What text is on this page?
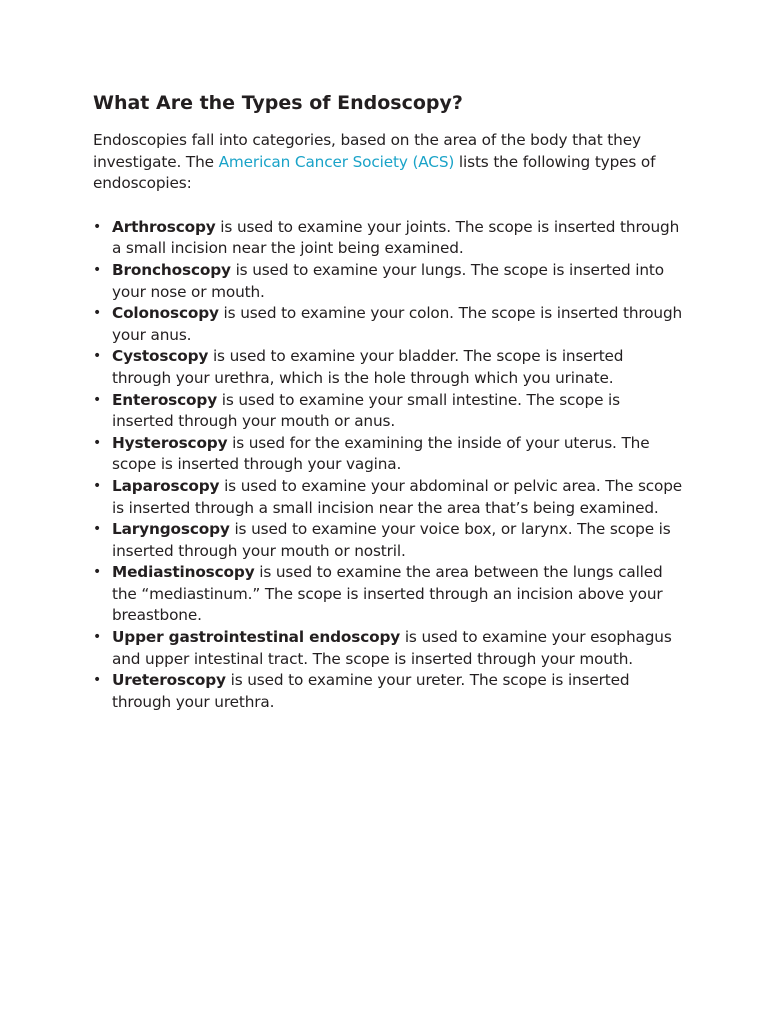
What Are the Types of Endoscopy?

Endoscopies fall into categories, based on the area of the body that they investigate. The American Cancer Society (ACS) lists the following types of endoscopies:

• Arthroscopy is used to examine your joints. The scope is inserted through a small incision near the joint being examined.
• Bronchoscopy is used to examine your lungs. The scope is inserted into your nose or mouth.
• Colonoscopy is used to examine your colon. The scope is inserted through your anus.
• Cystoscopy is used to examine your bladder. The scope is inserted through your urethra, which is the hole through which you urinate.
• Enteroscopy is used to examine your small intestine. The scope is inserted through your mouth or anus.
• Hysteroscopy is used for the examining the inside of your uterus. The scope is inserted through your vagina.
• Laparoscopy is used to examine your abdominal or pelvic area. The scope is inserted through a small incision near the area that’s being examined.
• Laryngoscopy is used to examine your voice box, or larynx. The scope is inserted through your mouth or nostril.
• Mediastinoscopy is used to examine the area between the lungs called the “mediastinum.” The scope is inserted through an incision above your breastbone.
• Upper gastrointestinal endoscopy is used to examine your esophagus and upper intestinal tract. The scope is inserted through your mouth.
• Ureteroscopy is used to examine your ureter. The scope is inserted through your urethra.
